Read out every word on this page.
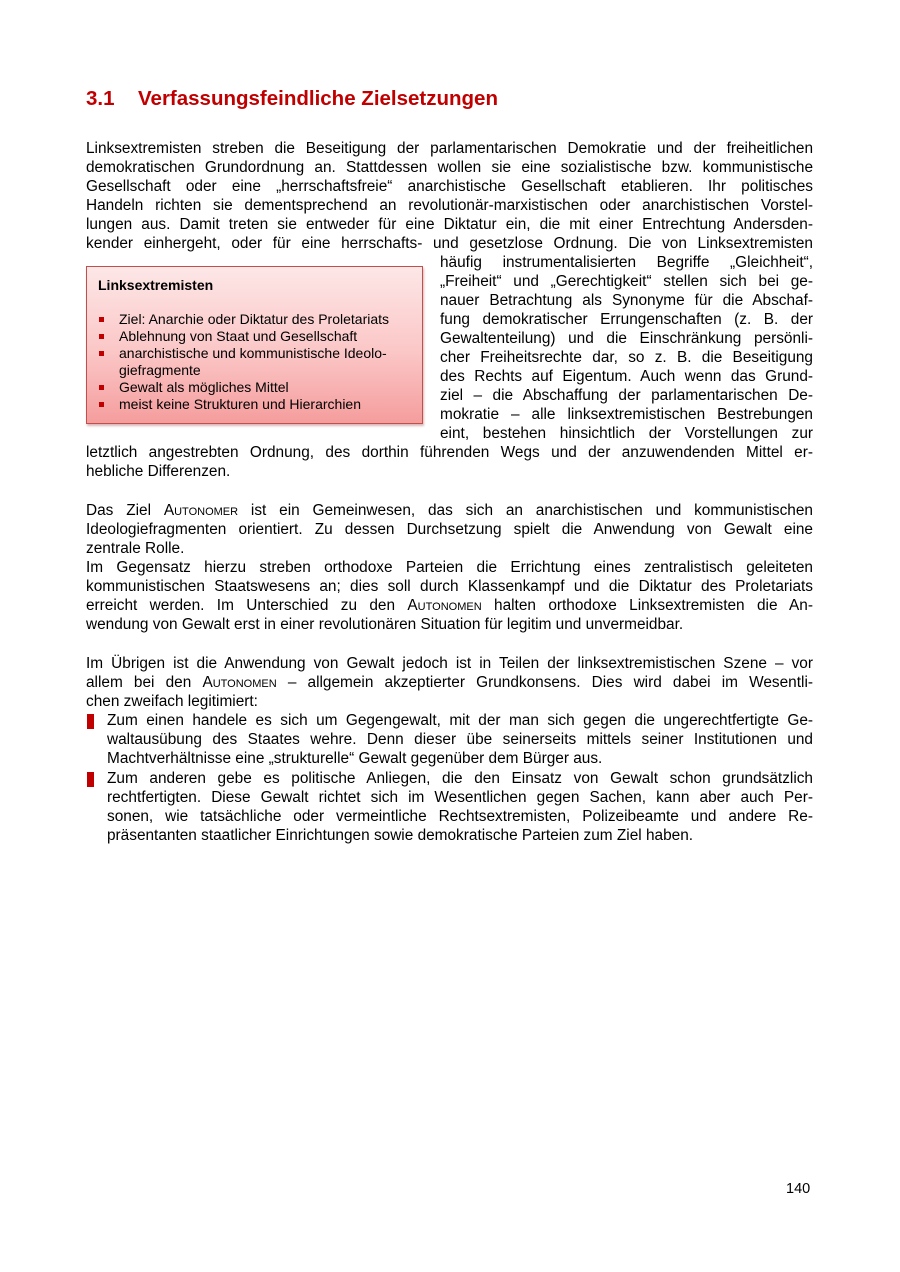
3.1 Verfassungsfeindliche Zielsetzungen
Linksextremisten streben die Beseitigung der parlamentarischen Demokratie und der freiheitlichen
demokratischen Grundordnung an. Stattdessen wollen sie eine sozialistische bzw. kommunistische
Gesellschaft oder eine „herrschaftsfreie“ anarchistische Gesellschaft etablieren. Ihr politisches
Handeln richten sie dementsprechend an revolutionär-marxistischen oder anarchistischen Vorstel-
lungen aus. Damit treten sie entweder für eine Diktatur ein, die mit einer Entrechtung Andersden-
kender einhergeht, oder für eine herrschafts- und gesetzlose Ordnung. Die von Linksextremisten
häufig instrumentalisierten Begriffe „Gleichheit“,
„Freiheit“ und „Gerechtigkeit“ stellen sich bei ge-
nauer Betrachtung als Synonyme für die Abschaf-
fung demokratischer Errungenschaften (z. B. der
Gewaltenteilung) und die Einschränkung persönli-
cher Freiheitsrechte dar, so z. B. die Beseitigung
des Rechts auf Eigentum. Auch wenn das Grund-
ziel – die Abschaffung der parlamentarischen De-
mokratie – alle linksextremistischen Bestrebungen
eint, bestehen hinsichtlich der Vorstellungen zur
letztlich angestrebten Ordnung, des dorthin führenden Wegs und der anzuwendenden Mittel er-
hebliche Differenzen.
Linksextremisten
Ziel: Anarchie oder Diktatur des Proletariats
Ablehnung von Staat und Gesellschaft
anarchistische und kommunistische Ideolo-
giefragmente
Gewalt als mögliches Mittel
meist keine Strukturen und Hierarchien
Das Ziel Autonomer ist ein Gemeinwesen, das sich an anarchistischen und kommunistischen
Ideologiefragmenten orientiert. Zu dessen Durchsetzung spielt die Anwendung von Gewalt eine
zentrale Rolle.
Im Gegensatz hierzu streben orthodoxe Parteien die Errichtung eines zentralistisch geleiteten
kommunistischen Staatswesens an; dies soll durch Klassenkampf und die Diktatur des Proletariats
erreicht werden. Im Unterschied zu den Autonomen halten orthodoxe Linksextremisten die An-
wendung von Gewalt erst in einer revolutionären Situation für legitim und unvermeidbar.
Im Übrigen ist die Anwendung von Gewalt jedoch ist in Teilen der linksextremistischen Szene – vor
allem bei den Autonomen – allgemein akzeptierter Grundkonsens. Dies wird dabei im Wesentli-
chen zweifach legitimiert:
Zum einen handele es sich um Gegengewalt, mit der man sich gegen die ungerechtfertigte Ge-
waltausübung des Staates wehre. Denn dieser übe seinerseits mittels seiner Institutionen und
Machtverhältnisse eine „strukturelle“ Gewalt gegenüber dem Bürger aus.
Zum anderen gebe es politische Anliegen, die den Einsatz von Gewalt schon grundsätzlich
rechtfertigten. Diese Gewalt richtet sich im Wesentlichen gegen Sachen, kann aber auch Per-
sonen, wie tatsächliche oder vermeintliche Rechtsextremisten, Polizeibeamte und andere Re-
präsentanten staatlicher Einrichtungen sowie demokratische Parteien zum Ziel haben.
140
